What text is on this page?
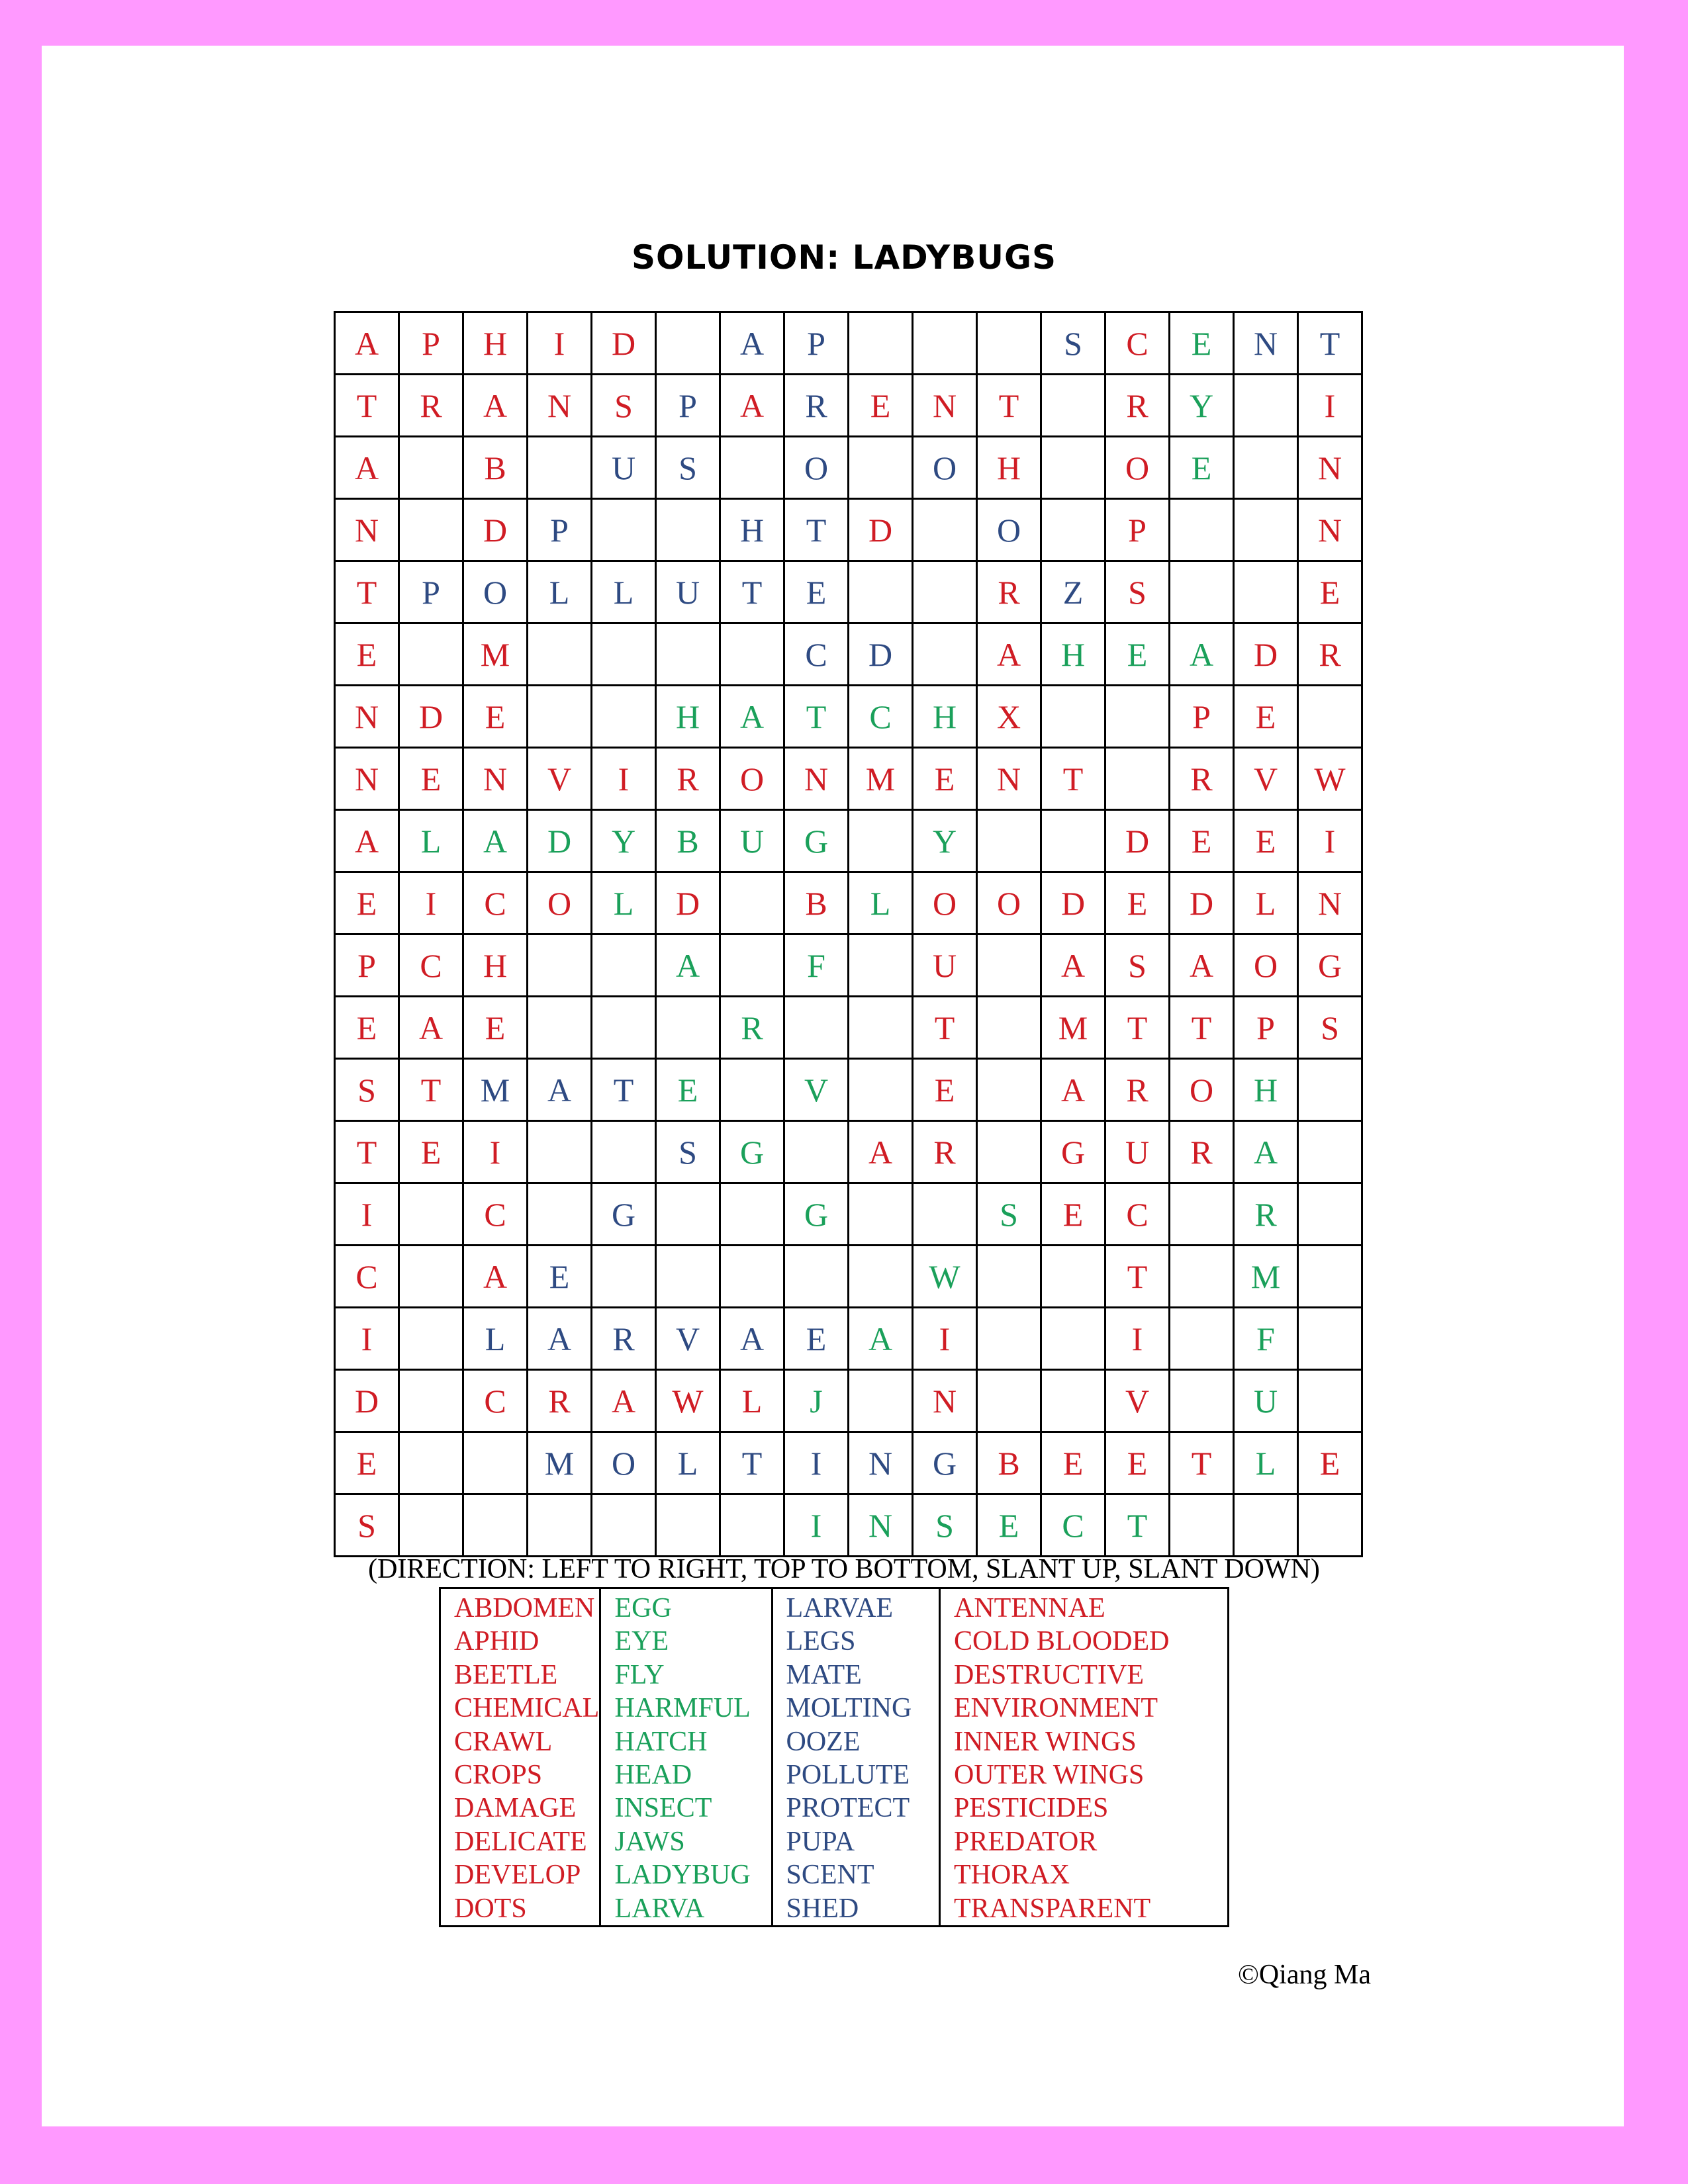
SOLUTION: LADYBUGS
A	P	H	I	D		A	P				S	C	E	N	T
T	R	A	N	S	P	A	R	E	N	T		R	Y		I
A		B		U	S		O		O	H		O	E		N
N		D	P			H	T	D		O		P			N
T	P	O	L	L	U	T	E			R	Z	S			E
E		M					C	D		A	H	E	A	D	R
N	D	E			H	A	T	C	H	X			P	E	
N	E	N	V	I	R	O	N	M	E	N	T		R	V	W
A	L	A	D	Y	B	U	G		Y			D	E	E	I
E	I	C	O	L	D		B	L	O	O	D	E	D	L	N
P	C	H			A		F		U		A	S	A	O	G
E	A	E				R			T		M	T	T	P	S
S	T	M	A	T	E		V		E		A	R	O	H	
T	E	I			S	G		A	R		G	U	R	A	
I		C		G			G			S	E	C		R	
C		A	E						W			T		M	
I		L	A	R	V	A	E	A	I			I		F	
D		C	R	A	W	L	J		N			V		U	
E			M	O	L	T	I	N	G	B	E	E	T	L	E
S							I	N	S	E	C	T			
(DIRECTION: LEFT TO RIGHT, TOP TO BOTTOM, SLANT UP, SLANT DOWN)
ABDOMEN
APHID
BEETLE
CHEMICAL
CRAWL
CROPS
DAMAGE
DELICATE
DEVELOP
DOTS

EGG
EYE
FLY
HARMFUL
HATCH
HEAD
INSECT
JAWS
LADYBUG
LARVA

LARVAE
LEGS
MATE
MOLTING
OOZE
POLLUTE
PROTECT
PUPA
SCENT
SHED

ANTENNAE
COLD BLOODED
DESTRUCTIVE
ENVIRONMENT
INNER WINGS
OUTER WINGS
PESTICIDES
PREDATOR
THORAX
TRANSPARENT
©Qiang Ma
